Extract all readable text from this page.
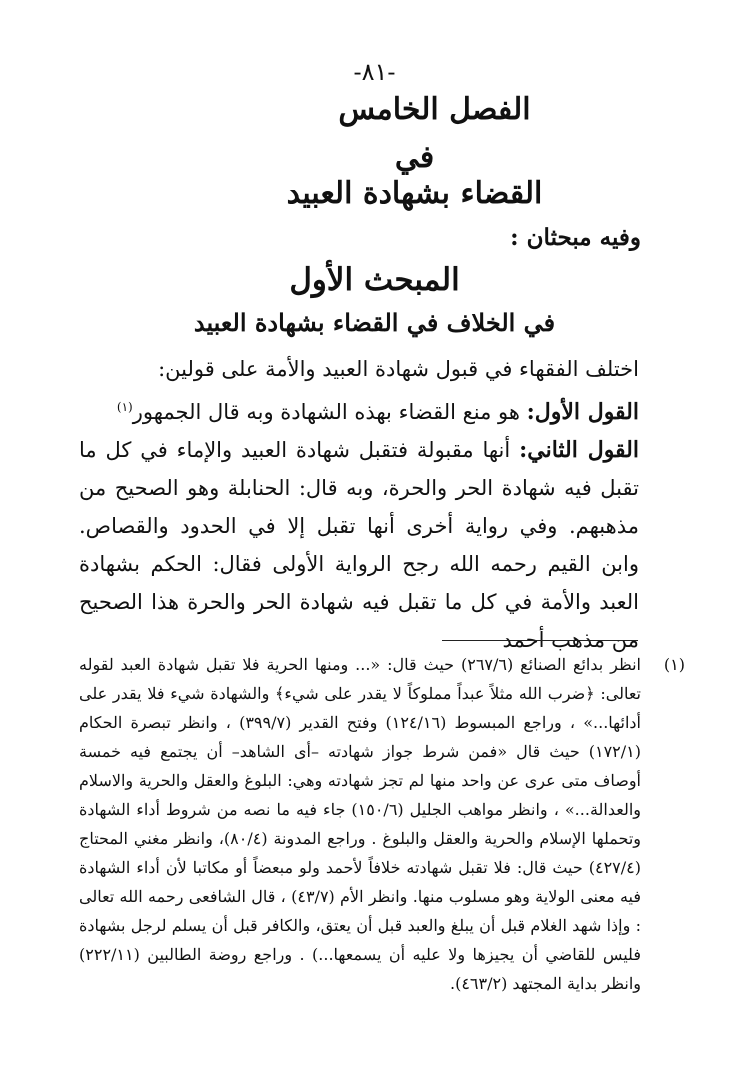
-٨١-
الفصل الخامس
في
القضاء بشهادة العبيد
وفيه مبحثان :
المبحث الأول
في الخلاف في القضاء بشهادة العبيد

اختلف الفقهاء في قبول شهادة العبيد والأمة على قولين:

القول الأول: هو منع القضاء بهذه الشهادة وبه قال الجمهور$^{(١)}$

القول الثاني: أنها مقبولة فتقبل شهادة العبيد والإماء في كل ما تقبل فيه شهادة الحر والحرة، وبه قال: الحنابلة وهو الصحيح من مذهبهم. وفي رواية أخرى أنها تقبل إلا في الحدود والقصاص. وابن القيم رحمه الله رجح الرواية الأولى فقال: الحكم بشهادة العبد والأمة في كل ما تقبل فيه شهادة الحر والحرة هذا الصحيح من مذهب أحمد

(١)
انظر بدائع الصنائع (٢٦٧/٦) حيث قال: «... ومنها الحرية فلا تقبل شهادة العبد لقوله تعالى: ﴿ضرب الله مثلاً عبداً مملوكاً لا يقدر على شيء﴾ والشهادة شيء فلا يقدر على أدائها...» ، وراجع المبسوط (١٢٤/١٦) وفتح القدير (٣٩٩/٧) ، وانظر تبصرة الحكام (١٧٢/١) حيث قال «فمن شرط جواز شهادته –أى الشاهد– أن يجتمع فيه خمسة أوصاف متى عرى عن واحد منها لم تجز شهادته وهي: البلوغ والعقل والحرية والاسلام والعدالة...» ، وانظر مواهب الجليل (١٥٠/٦) جاء فيه ما نصه من شروط أداء الشهادة وتحملها الإسلام والحرية والعقل والبلوغ . وراجع المدونة (٨٠/٤)، وانظر مغني المحتاج (٤٢٧/٤) حيث قال: فلا تقبل شهادته خلافاً لأحمد ولو مبعضاً أو مكاتبا لأن أداء الشهادة فيه معنى الولاية وهو مسلوب منها. وانظر الأم (٤٣/٧) ، قال الشافعى رحمه الله تعالى : وإذا شهد الغلام قبل أن يبلغ والعبد قبل أن يعتق، والكافر قبل أن يسلم لرجل بشهادة فليس للقاضي أن يجيزها ولا عليه أن يسمعها...) . وراجع روضة الطالبين (٢٢٢/١١) وانظر بداية المجتهد (٤٦٣/٢).
